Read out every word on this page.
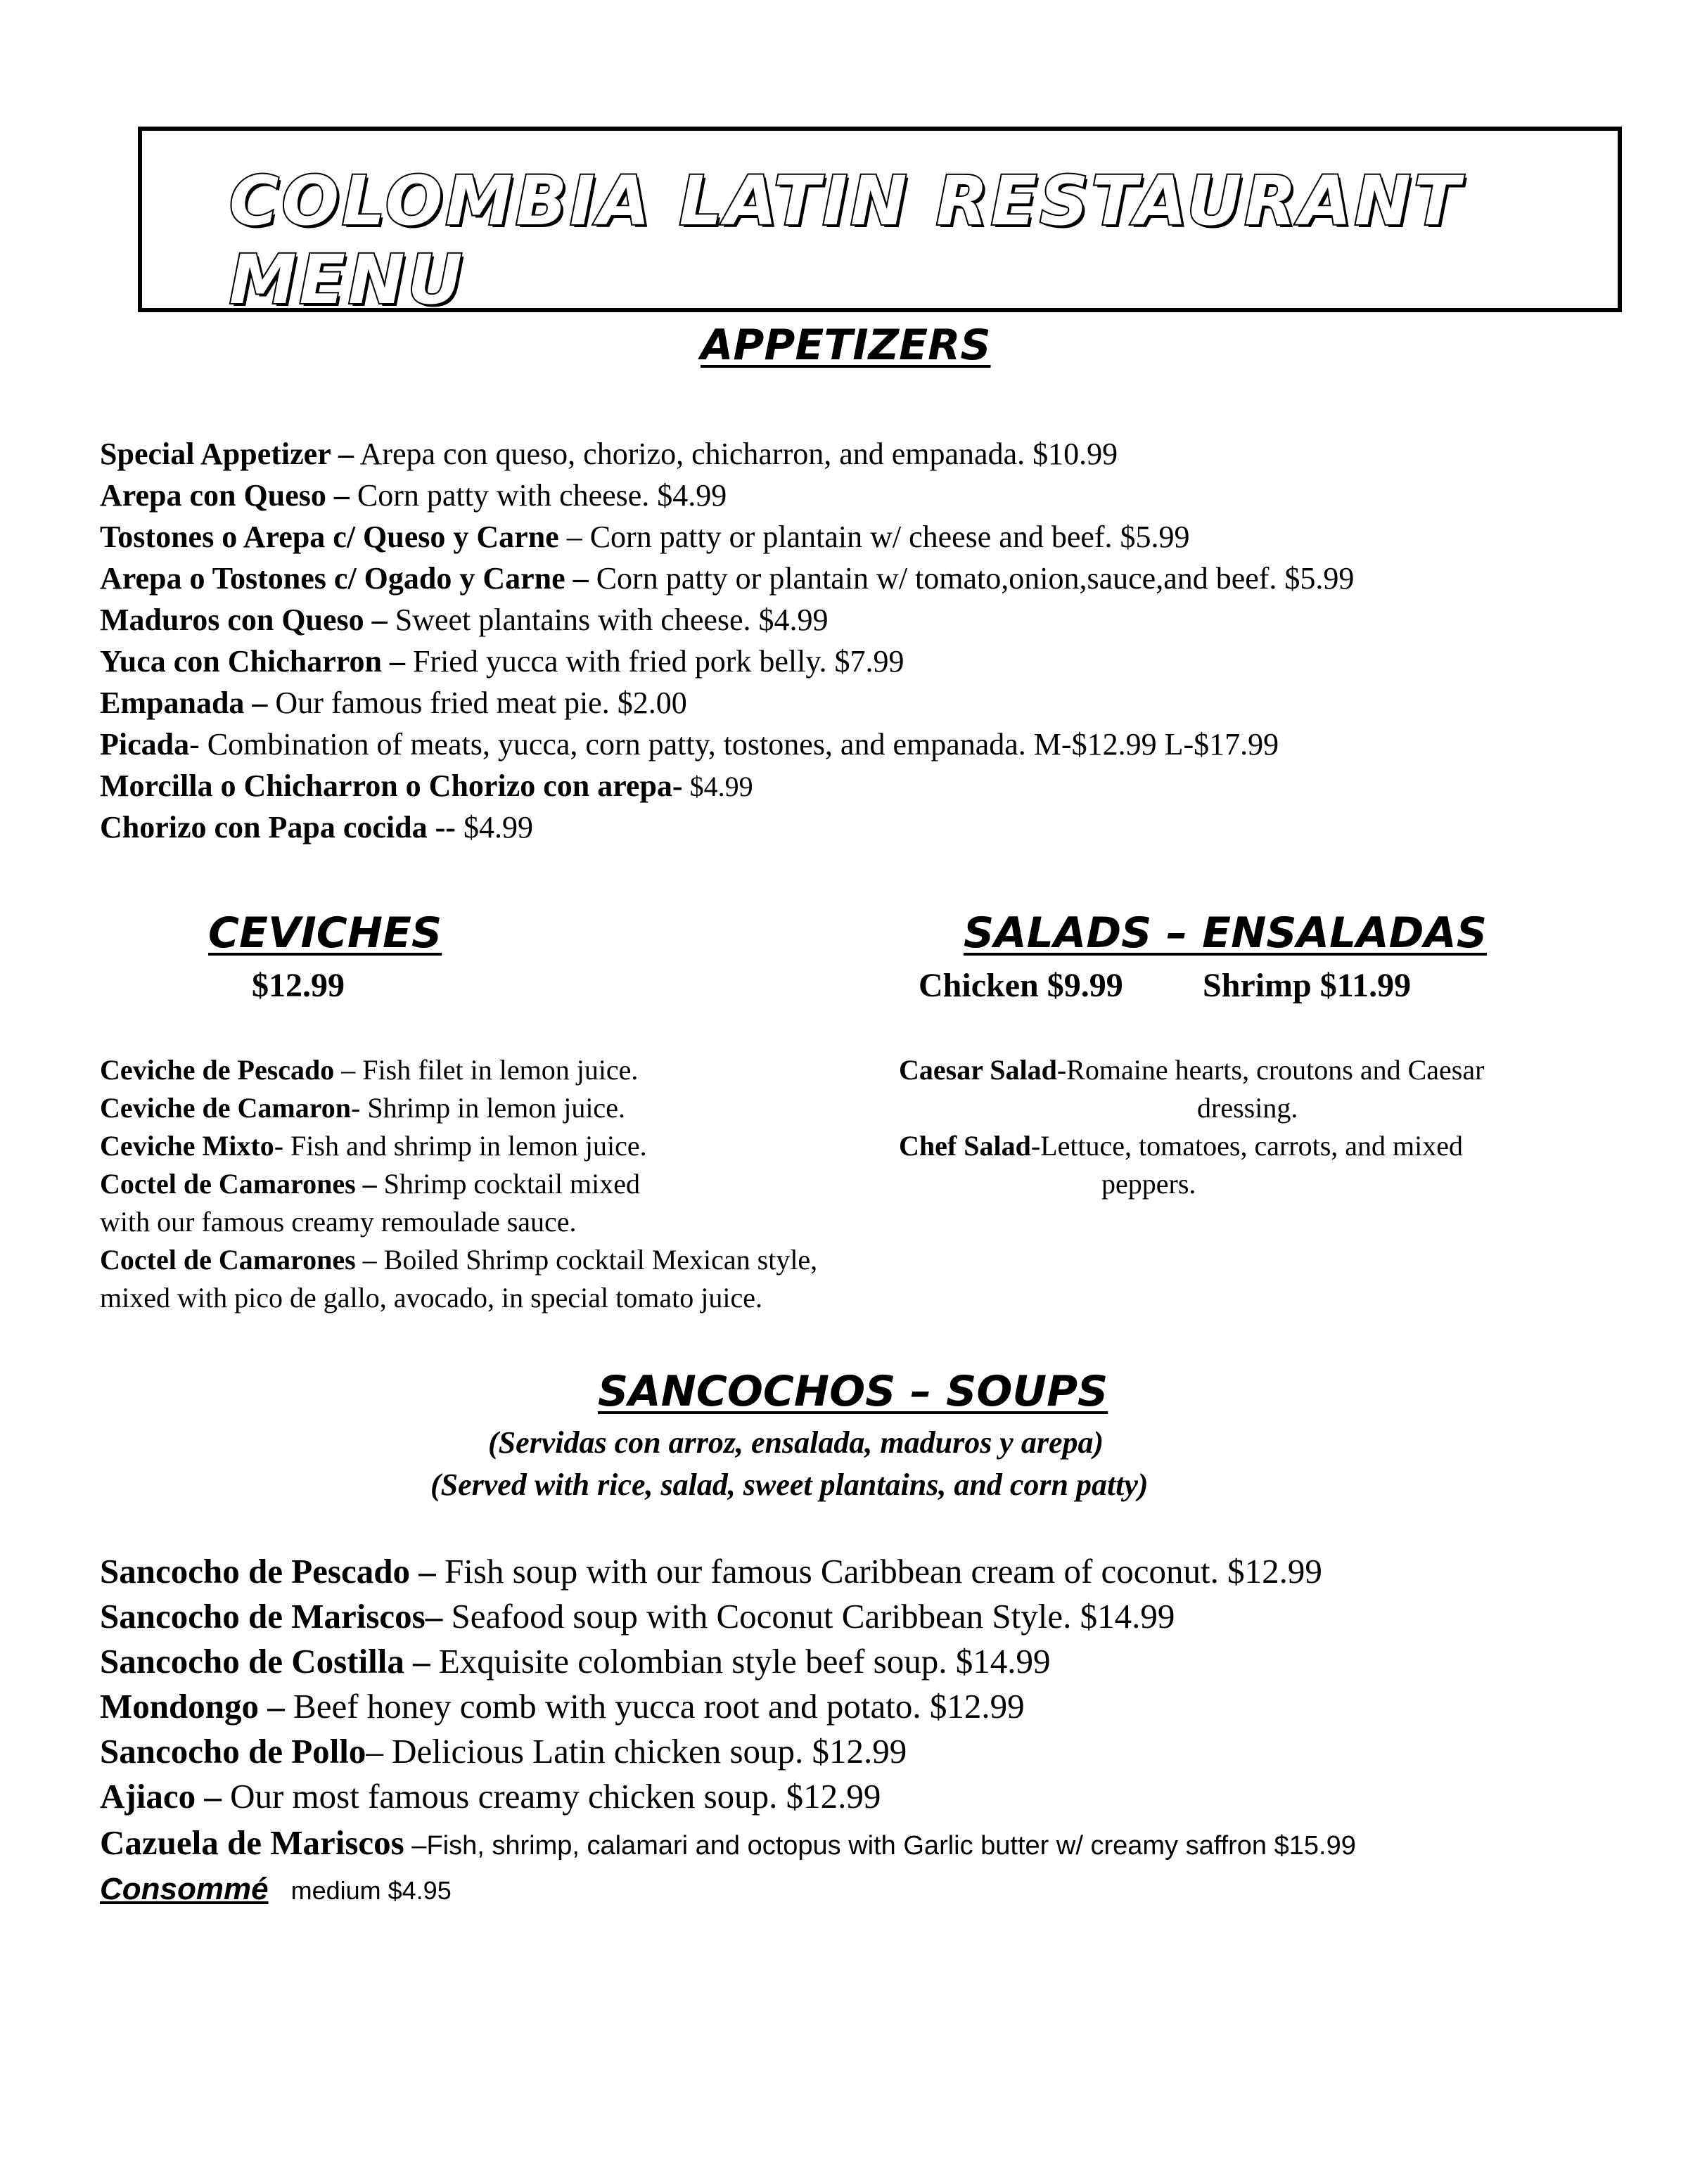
COLOMBIA LATIN RESTAURANT MENU
APPETIZERS
Special Appetizer – Arepa con queso, chorizo, chicharron, and empanada. $10.99
Arepa con Queso – Corn patty with cheese. $4.99
Tostones o Arepa c/ Queso y Carne – Corn patty or plantain w/ cheese and beef. $5.99
Arepa o Tostones c/ Ogado y Carne – Corn patty or plantain w/ tomato,onion,sauce,and beef. $5.99
Maduros con Queso – Sweet plantains with cheese. $4.99
Yuca con Chicharron – Fried yucca with fried pork belly. $7.99
Empanada – Our famous fried meat pie. $2.00
Picada- Combination of meats, yucca, corn patty, tostones, and empanada. M-$12.99 L-$17.99
Morcilla o Chicharron o Chorizo con arepa- $4.99
Chorizo con Papa cocida -- $4.99
CEVICHES
$12.99
Ceviche de Pescado – Fish filet in lemon juice.
Ceviche de Camaron- Shrimp in lemon juice.
Ceviche Mixto- Fish and shrimp in lemon juice.
Coctel de Camarones – Shrimp cocktail mixed
with our famous creamy remoulade sauce.
Coctel de Camarones – Boiled Shrimp cocktail Mexican style,
mixed with pico de gallo, avocado, in special tomato juice.
SALADS – ENSALADAS
Chicken $9.99 Shrimp $11.99
Caesar Salad-Romaine hearts, croutons and Caesar
dressing.
Chef Salad-Lettuce, tomatoes, carrots, and mixed
peppers.
SANCOCHOS – SOUPS
(Servidas con arroz, ensalada, maduros y arepa)
(Served with rice, salad, sweet plantains, and corn patty)
Sancocho de Pescado – Fish soup with our famous Caribbean cream of coconut. $12.99
Sancocho de Mariscos– Seafood soup with Coconut Caribbean Style. $14.99
Sancocho de Costilla – Exquisite colombian style beef soup. $14.99
Mondongo – Beef honey comb with yucca root and potato. $12.99
Sancocho de Pollo– Delicious Latin chicken soup. $12.99
Ajiaco – Our most famous creamy chicken soup. $12.99
Cazuela de Mariscos –Fish, shrimp, calamari and octopus with Garlic butter w/ creamy saffron $15.99
Consommé medium $4.95
